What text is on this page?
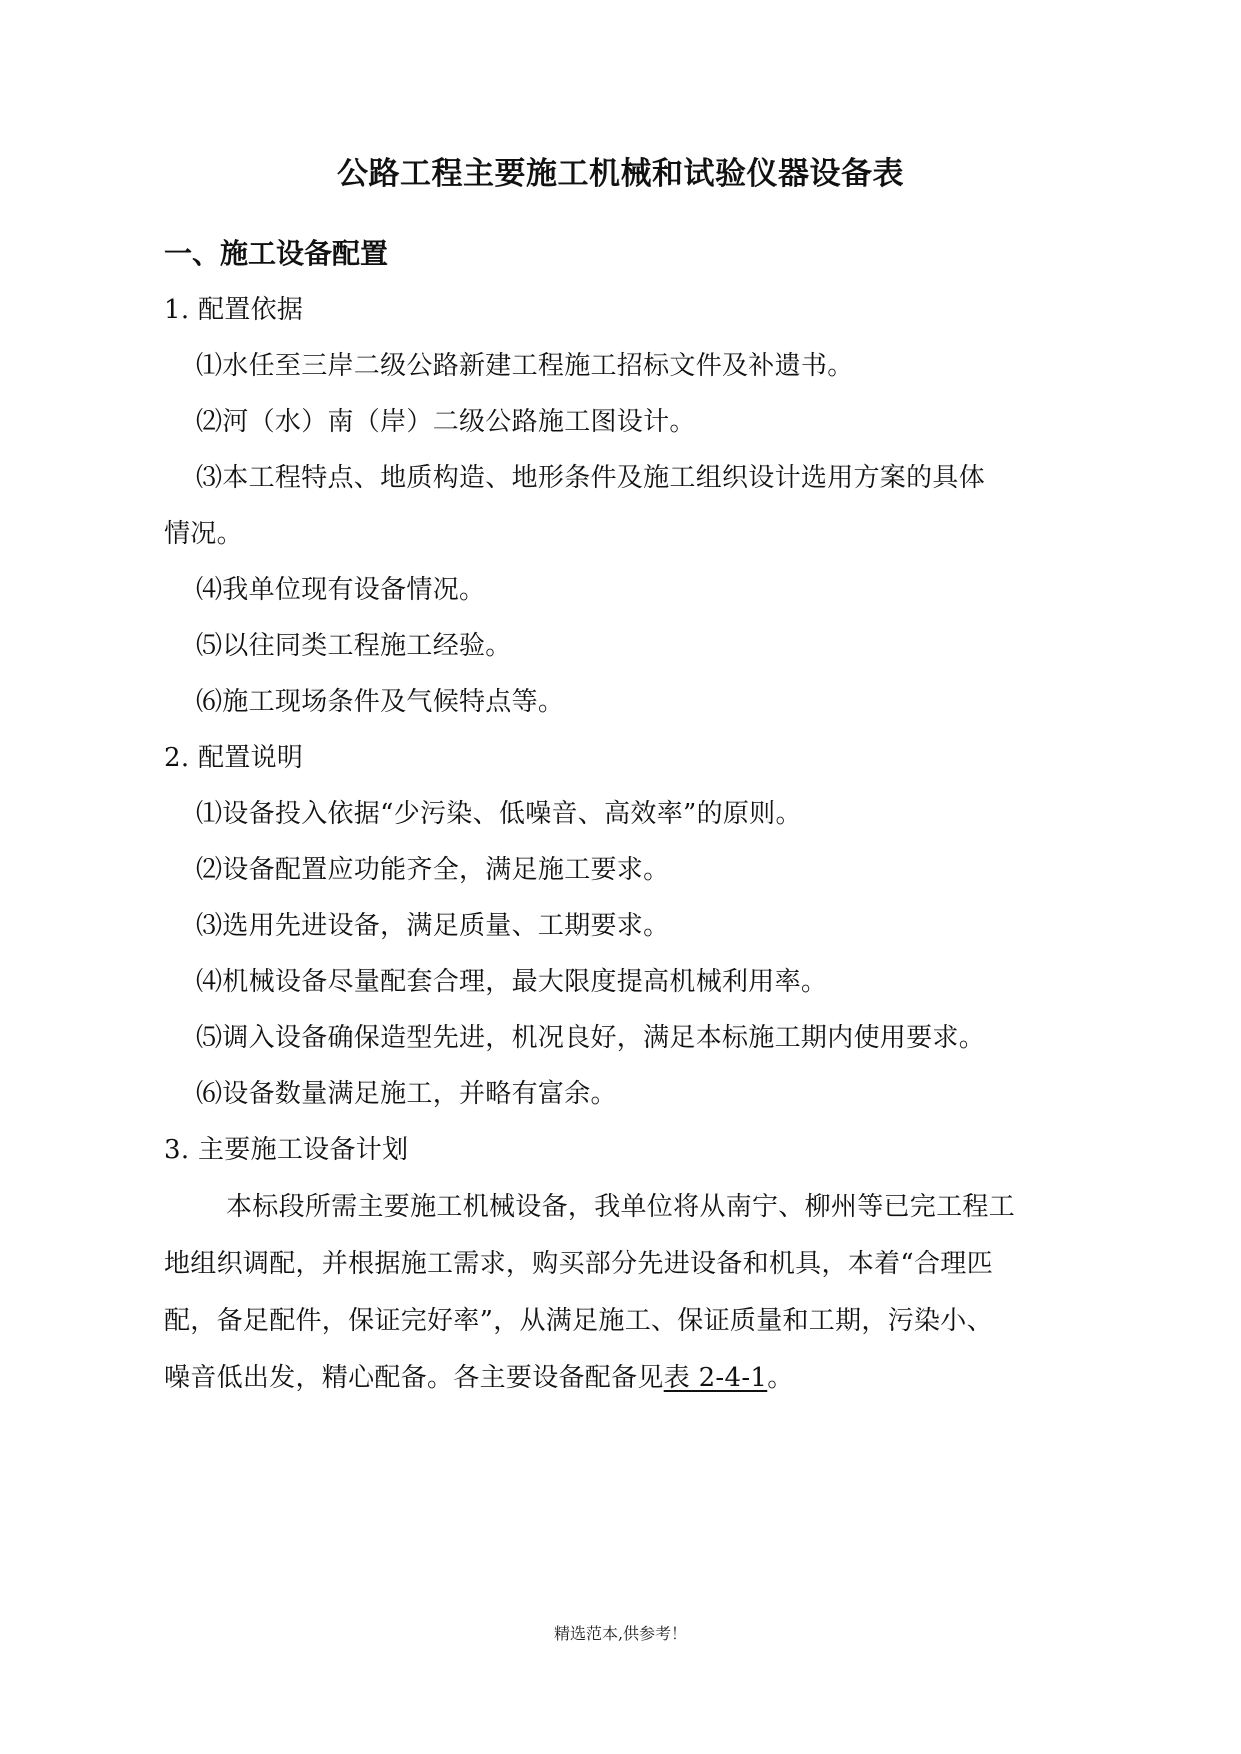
公路工程主要施工机械和试验仪器设备表
一、施工设备配置

1. 配置依据

⑴水任至三岸二级公路新建工程施工招标文件及补遗书。

⑵河（水）南（岸）二级公路施工图设计。

⑶本工程特点、地质构造、地形条件及施工组织设计选用方案的具体

情况。

⑷我单位现有设备情况。

⑸以往同类工程施工经验。

⑹施工现场条件及气候特点等。

2. 配置说明

⑴设备投入依据“少污染、低噪音、高效率”的原则。

⑵设备配置应功能齐全，满足施工要求。

⑶选用先进设备，满足质量、工期要求。

⑷机械设备尽量配套合理，最大限度提高机械利用率。

⑸调入设备确保造型先进，机况良好，满足本标施工期内使用要求。

⑹设备数量满足施工，并略有富余。

3. 主要施工设备计划

本标段所需主要施工机械设备，我单位将从南宁、柳州等已完工程工

地组织调配，并根据施工需求，购买部分先进设备和机具，本着“合理匹

配，备足配件，保证完好率”，从满足施工、保证质量和工期，污染小、

噪音低出发，精心配备。各主要设备配备见表 2-4-1。

精选范本,供参考！
